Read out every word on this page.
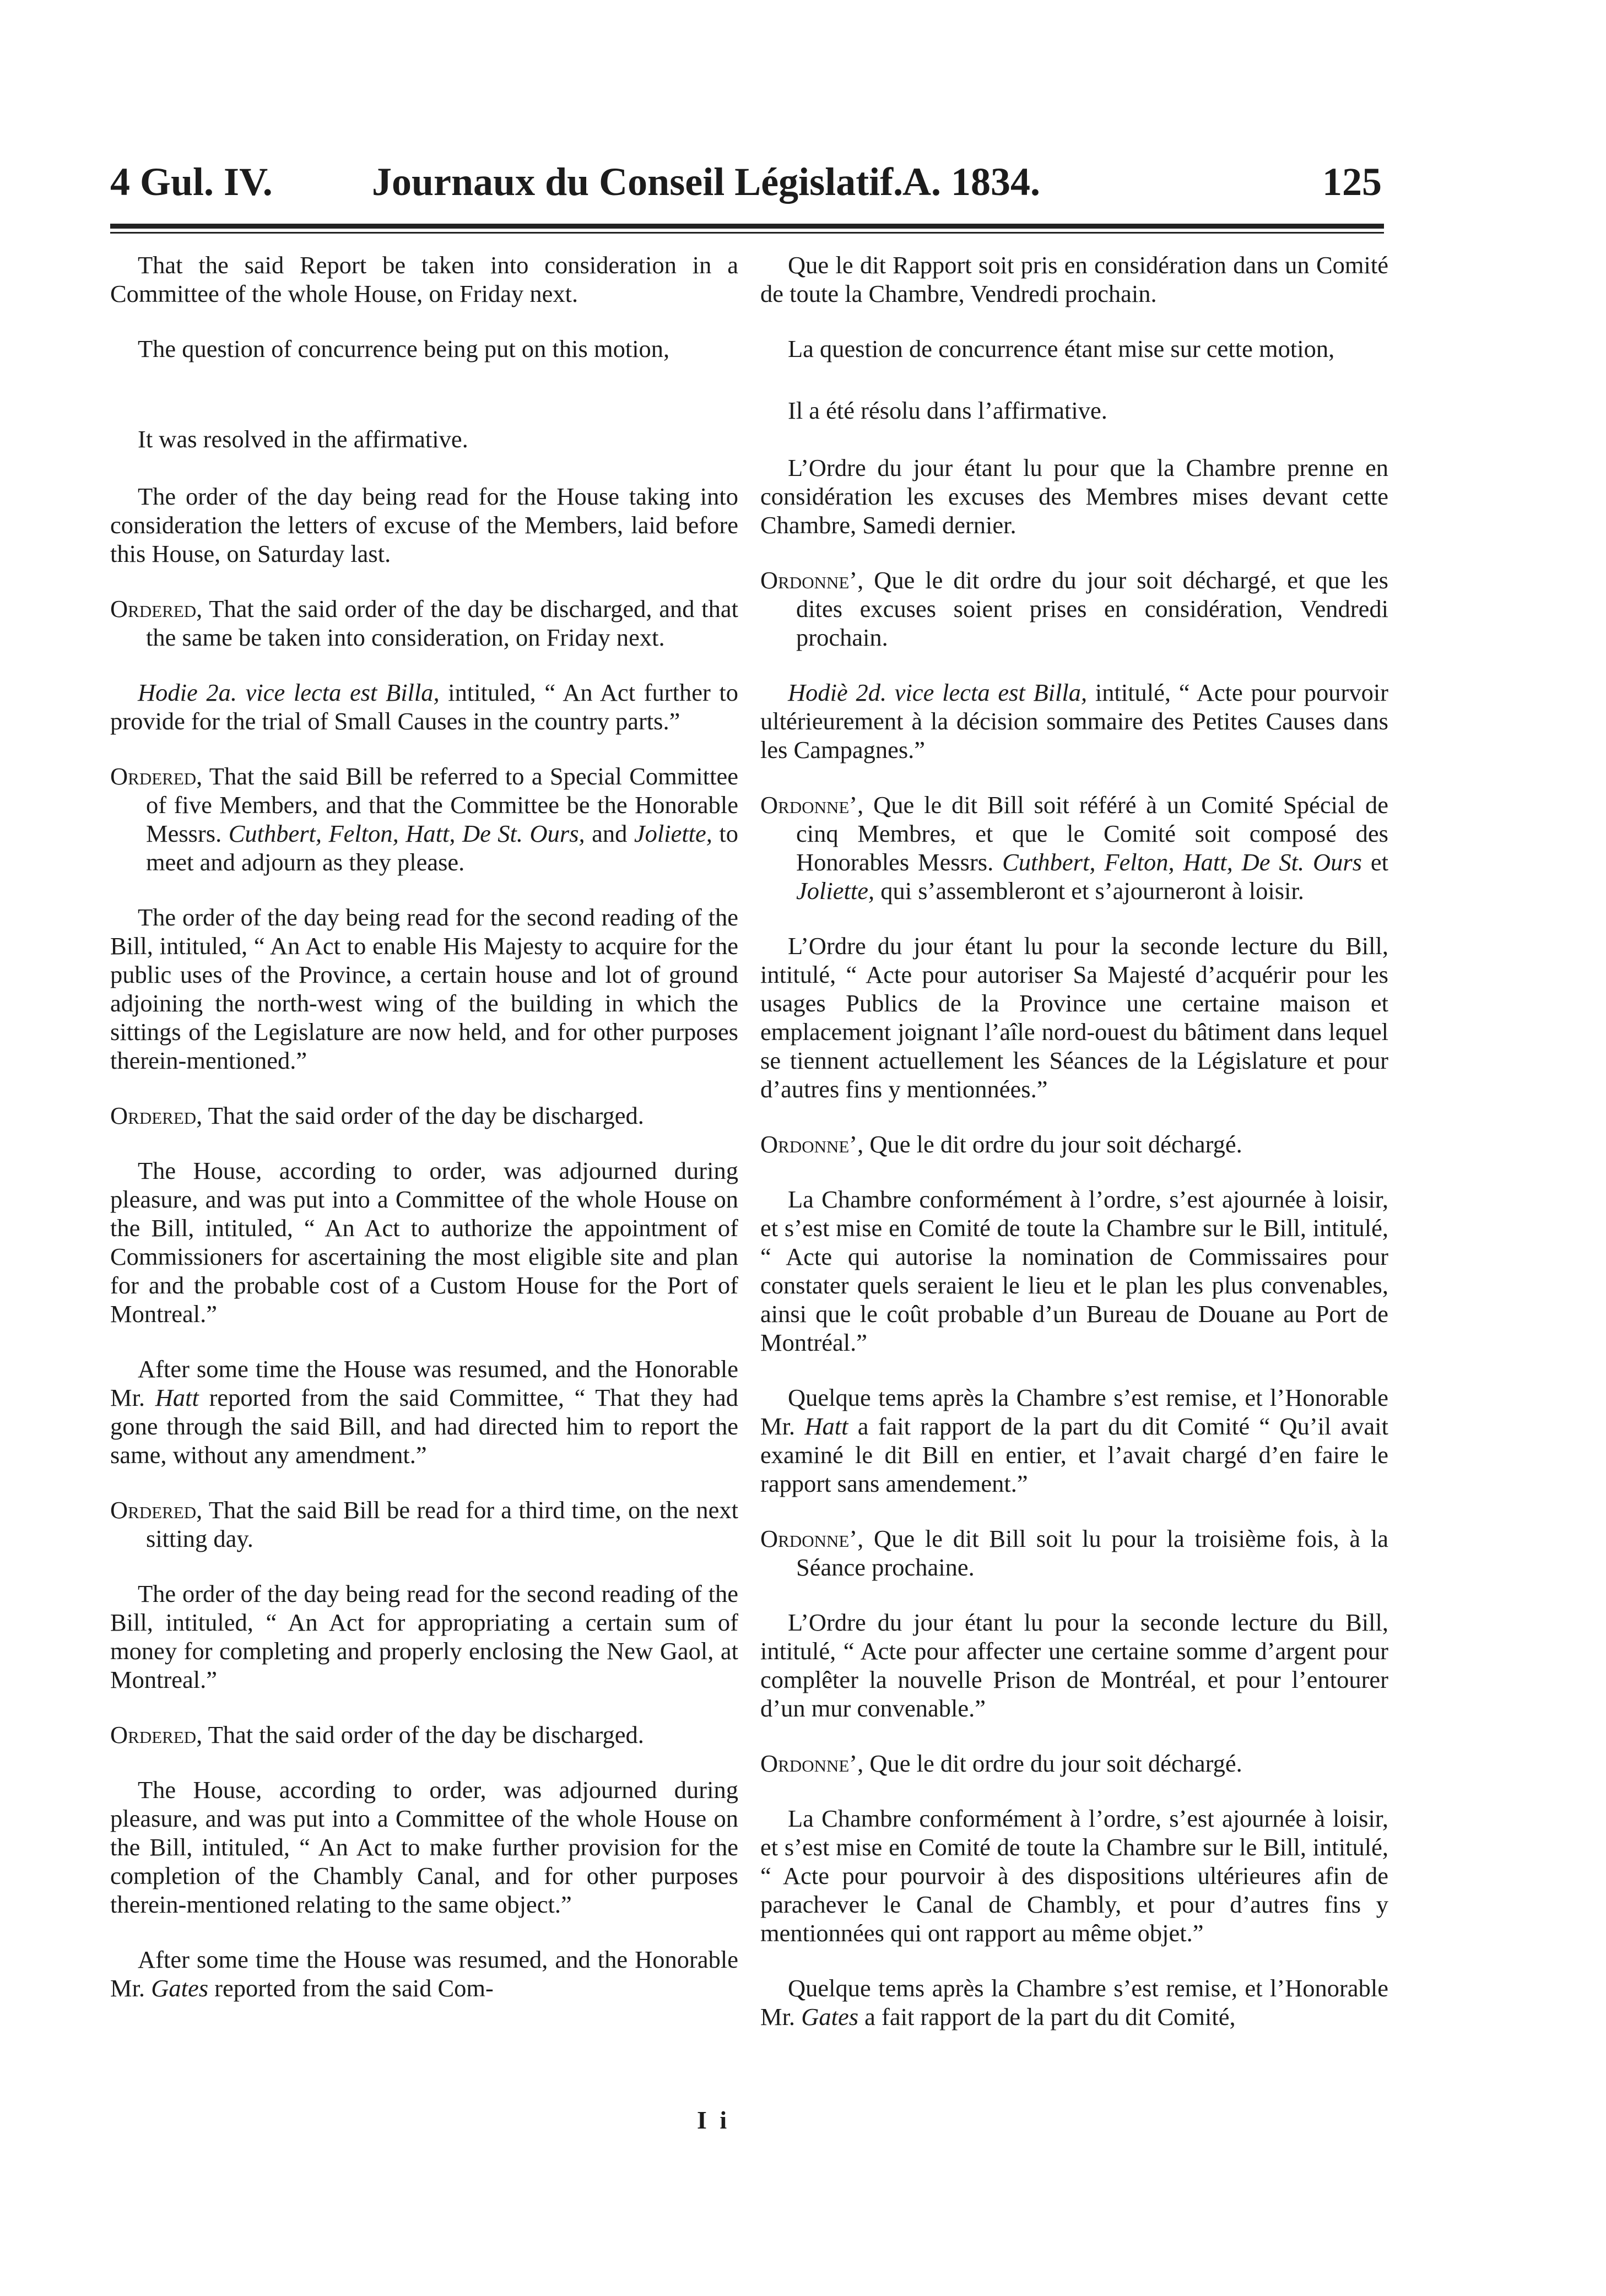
4 Gul. IV.	Journaux du Conseil Législatif.
A. 1834.	125

That the said Report be taken into consideration in a Committee of the whole House, on Friday next.

The question of concurrence being put on this motion,

It was resolved in the affirmative.

The order of the day being read for the House taking into consideration the letters of excuse of the Members, laid before this House, on Saturday last.

Ordered, That the said order of the day be discharged, and that the same be taken into consideration, on Friday next.

Hodie 2a. vice lecta est Billa, intituled, “ An Act further to provide for the trial of Small Causes in the country parts.”

Ordered, That the said Bill be referred to a Special Committee of five Members, and that the Committee be the Honorable Messrs. Cuthbert, Felton, Hatt, De St. Ours, and Joliette, to meet and adjourn as they please.

The order of the day being read for the second reading of the Bill, intituled, “ An Act to enable His Majesty to acquire for the public uses of the Province, a certain house and lot of ground adjoining the north-west wing of the building in which the sittings of the Legislature are now held, and for other purposes therein-mentioned.”

Ordered, That the said order of the day be discharged.

The House, according to order, was adjourned during pleasure, and was put into a Committee of the whole House on the Bill, intituled, “ An Act to authorize the appointment of Commissioners for ascertaining the most eligible site and plan for and the probable cost of a Custom House for the Port of Montreal.”

After some time the House was resumed, and the Honorable Mr. Hatt reported from the said Committee, “ That they had gone through the said Bill, and had directed him to report the same, without any amendment.”

Ordered, That the said Bill be read for a third time, on the next sitting day.

The order of the day being read for the second reading of the Bill, intituled, “ An Act for appropriating a certain sum of money for completing and properly enclosing the New Gaol, at Montreal.”

Ordered, That the said order of the day be discharged.

The House, according to order, was adjourned during pleasure, and was put into a Committee of the whole House on the Bill, intituled, “ An Act to make further provision for the completion of the Chambly Canal, and for other purposes therein-mentioned relating to the same object.”

After some time the House was resumed, and the Honorable Mr. Gates reported from the said Com-

Que le dit Rapport soit pris en considération dans un Comité de toute la Chambre, Vendredi prochain.

La question de concurrence étant mise sur cette motion,

Il a été résolu dans l’affirmative.

L’Ordre du jour étant lu pour que la Chambre prenne en considération les excuses des Membres mises devant cette Chambre, Samedi dernier.

Ordonne’, Que le dit ordre du jour soit déchargé, et que les dites excuses soient prises en considération, Vendredi prochain.

Hodiè 2d. vice lecta est Billa, intitulé, “ Acte pour pourvoir ultérieurement à la décision sommaire des Petites Causes dans les Campagnes.”

Ordonne’, Que le dit Bill soit référé à un Comité Spécial de cinq Membres, et que le Comité soit composé des Honorables Messrs. Cuthbert, Felton, Hatt, De St. Ours et Joliette, qui s’assembleront et s’ajourneront à loisir.

L’Ordre du jour étant lu pour la seconde lecture du Bill, intitulé, “ Acte pour autoriser Sa Majesté d’acquérir pour les usages Publics de la Province une certaine maison et emplacement joignant l’aîle nord-ouest du bâtiment dans lequel se tiennent actuellement les Séances de la Législature et pour d’autres fins y mentionnées.”

Ordonne’, Que le dit ordre du jour soit déchargé.

La Chambre conformément à l’ordre, s’est ajournée à loisir, et s’est mise en Comité de toute la Chambre sur le Bill, intitulé, “ Acte qui autorise la nomination de Commissaires pour constater quels seraient le lieu et le plan les plus convenables, ainsi que le coût probable d’un Bureau de Douane au Port de Montréal.”

Quelque tems après la Chambre s’est remise, et l’Honorable Mr. Hatt a fait rapport de la part du dit Comité “ Qu’il avait examiné le dit Bill en entier, et l’avait chargé d’en faire le rapport sans amendement.”

Ordonne’, Que le dit Bill soit lu pour la troisième fois, à la Séance prochaine.

L’Ordre du jour étant lu pour la seconde lecture du Bill, intitulé, “ Acte pour affecter une certaine somme d’argent pour complêter la nouvelle Prison de Montréal, et pour l’entourer d’un mur convenable.”

Ordonne’, Que le dit ordre du jour soit déchargé.

La Chambre conformément à l’ordre, s’est ajournée à loisir, et s’est mise en Comité de toute la Chambre sur le Bill, intitulé, “ Acte pour pourvoir à des dispositions ultérieures afin de parachever le Canal de Chambly, et pour d’autres fins y mentionnées qui ont rapport au même objet.”

Quelque tems après la Chambre s’est remise, et l’Honorable Mr. Gates a fait rapport de la part du dit Comité,

I i
